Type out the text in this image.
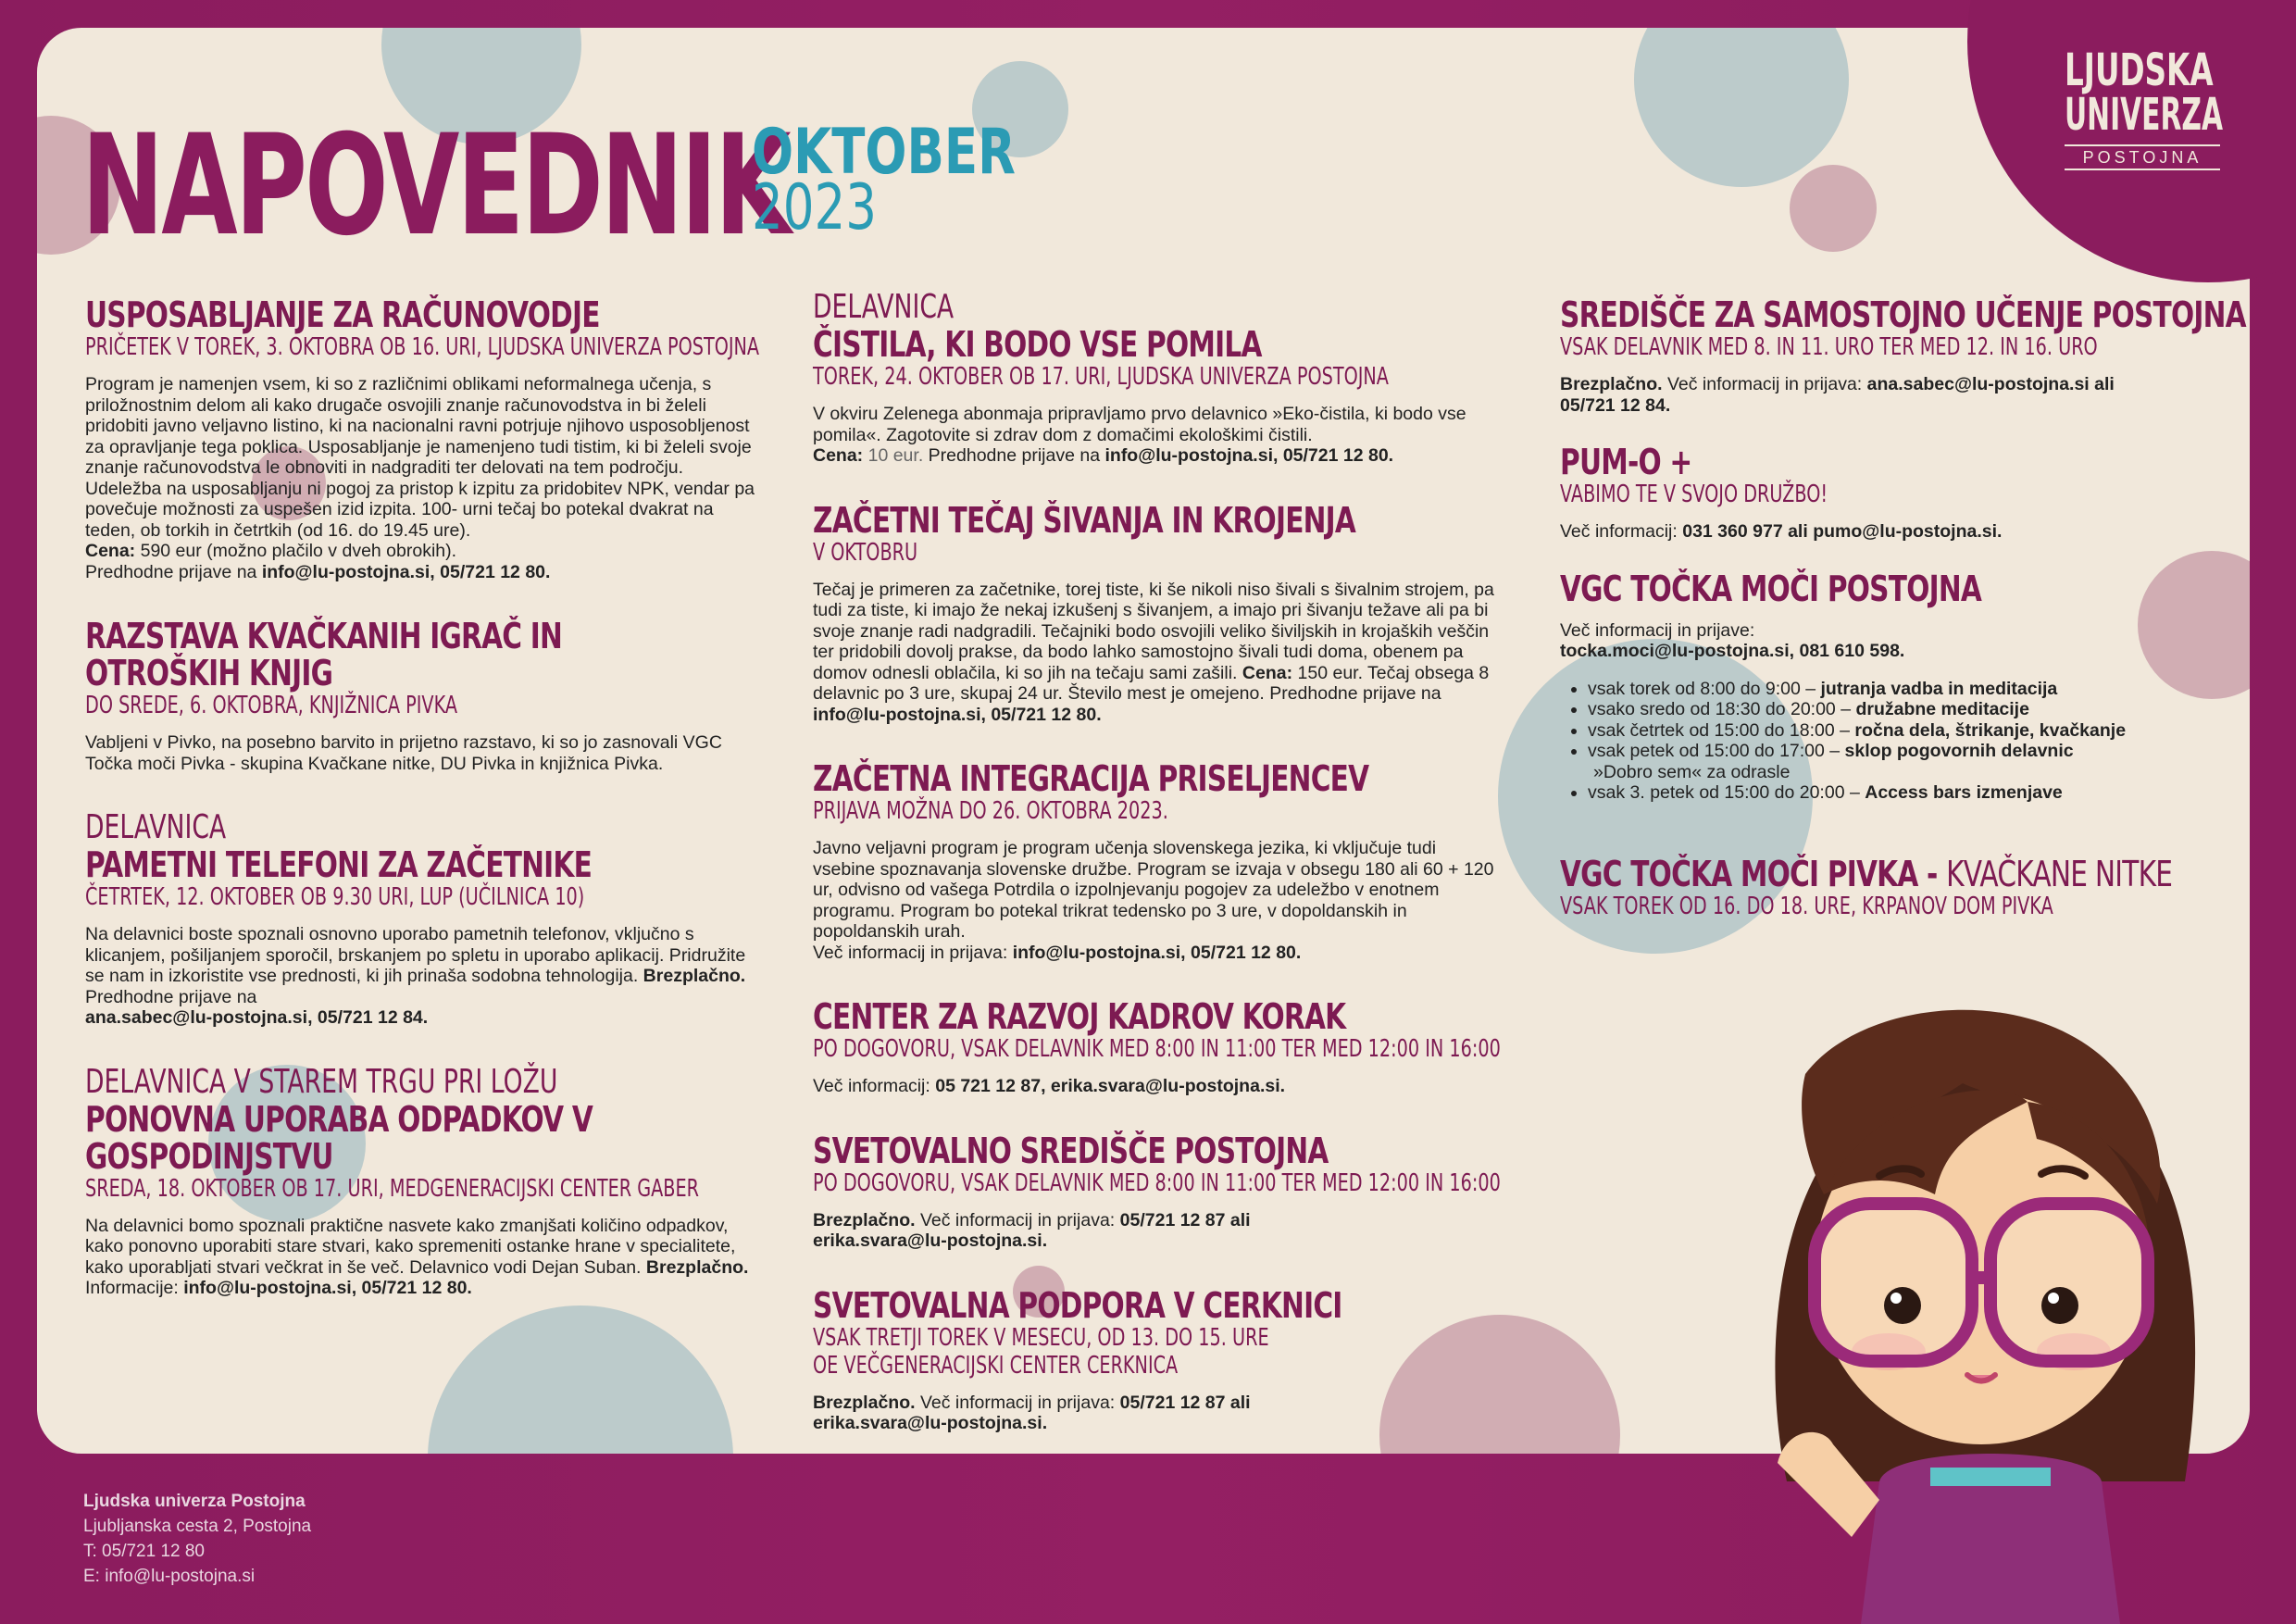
NAPOVEDNIK
OKTOBER
2023

USPOSABLJANJE ZA RAČUNOVODJE

PRIČETEK V TOREK, 3. OKTOBRA OB 16. URI, LJUDSKA UNIVERZA POSTOJNA

Program je namenjen vsem, ki so z različnimi oblikami neformalnega učenja, s priložnostnim delom ali kako drugače osvojili znanje računovodstva in bi želeli pridobiti javno veljavno listino, ki na nacionalni ravni potrjuje njihovo usposobljenost za opravljanje tega poklica. Usposabljanje je namenjeno tudi tistim, ki bi želeli svoje znanje računovodstva le obnoviti in nadgraditi ter delovati na tem področju. Udeležba na usposabljanju ni pogoj za pristop k izpitu za pridobitev NPK, vendar pa povečuje možnosti za uspešen izid izpita. 100- urni tečaj bo potekal dvakrat na teden, ob torkih in četrtkih (od 16. do 19.45 ure).
Cena: 590 eur (možno plačilo v dveh obrokih).
Predhodne prijave na info@lu-postojna.si, 05/721 12 80.

RAZSTAVA KVAČKANIH IGRAČ IN

OTROŠKIH KNJIG

DO SREDE, 6. OKTOBRA, KNJIŽNICA PIVKA

Vabljeni v Pivko, na posebno barvito in prijetno razstavo, ki so jo zasnovali VGC Točka moči Pivka - skupina Kvačkane nitke, DU Pivka in knjižnica Pivka.

DELAVNICA

PAMETNI TELEFONI ZA ZAČETNIKE

ČETRTEK, 12. OKTOBER OB 9.30 URI, LUP (UČILNICA 10)

Na delavnici boste spoznali osnovno uporabo pametnih telefonov, vključno s klicanjem, pošiljanjem sporočil, brskanjem po spletu in uporabo aplikacij. Pridružite se nam in izkoristite vse prednosti, ki jih prinaša sodobna tehnologija. Brezplačno. Predhodne prijave na
ana.sabec@lu-postojna.si, 05/721 12 84.

DELAVNICA V STAREM TRGU PRI LOŽU

PONOVNA UPORABA ODPADKOV V

GOSPODINJSTVU

SREDA, 18. OKTOBER OB 17. URI, MEDGENERACIJSKI CENTER GABER

Na delavnici bomo spoznali praktične nasvete kako zmanjšati količino odpadkov, kako ponovno uporabiti stare stvari, kako spremeniti ostanke hrane v specialitete, kako uporabljati stvari večkrat in še več. Delavnico vodi Dejan Suban. Brezplačno.
Informacije: info@lu-postojna.si, 05/721 12 80.

DELAVNICA

ČISTILA, KI BODO VSE POMILA

TOREK, 24. OKTOBER OB 17. URI, LJUDSKA UNIVERZA POSTOJNA

V okviru Zelenega abonmaja pripravljamo prvo delavnico »Eko-čistila, ki bodo vse pomila«. Zagotovite si zdrav dom z domačimi ekološkimi čistili.
Cena: 10 eur. Predhodne prijave na info@lu-postojna.si, 05/721 12 80.

ZAČETNI TEČAJ ŠIVANJA IN KROJENJA

V OKTOBRU

Tečaj je primeren za začetnike, torej tiste, ki še nikoli niso šivali s šivalnim strojem, pa tudi za tiste, ki imajo že nekaj izkušenj s šivanjem, a imajo pri šivanju težave ali pa bi svoje znanje radi nadgradili. Tečajniki bodo osvojili veliko šiviljskih in krojaških veščin ter pridobili dovolj prakse, da bodo lahko samostojno šivali tudi doma, obenem pa domov odnesli oblačila, ki so jih na tečaju sami zašili. Cena: 150 eur. Tečaj obsega 8 delavnic po 3 ure, skupaj 24 ur. Število mest je omejeno. Predhodne prijave na
info@lu-postojna.si, 05/721 12 80.

ZAČETNA INTEGRACIJA PRISELJENCEV

PRIJAVA MOŽNA DO 26. OKTOBRA 2023.

Javno veljavni program je program učenja slovenskega jezika, ki vključuje tudi vsebine spoznavanja slovenske družbe. Program se izvaja v obsegu 180 ali 60 + 120 ur, odvisno od vašega Potrdila o izpolnjevanju pogojev za udeležbo v enotnem programu. Program bo potekal trikrat tedensko po 3 ure, v dopoldanskih in popoldanskih urah.
Več informacij in prijava: info@lu-postojna.si, 05/721 12 80.

CENTER ZA RAZVOJ KADROV KORAK

PO DOGOVORU, VSAK DELAVNIK MED 8:00 IN 11:00 TER MED 12:00 IN 16:00

Več informacij: 05 721 12 87, erika.svara@lu-postojna.si.

SVETOVALNO SREDIŠČE POSTOJNA

PO DOGOVORU, VSAK DELAVNIK MED 8:00 IN 11:00 TER MED 12:00 IN 16:00

Brezplačno. Več informacij in prijava: 05/721 12 87 ali
erika.svara@lu-postojna.si.

SVETOVALNA PODPORA V CERKNICI

VSAK TRETJI TOREK V MESECU, OD 13. DO 15. URE

OE VEČGENERACIJSKI CENTER CERKNICA

Brezplačno. Več informacij in prijava: 05/721 12 87 ali
erika.svara@lu-postojna.si.

SREDIŠČE ZA SAMOSTOJNO UČENJE POSTOJNA

VSAK DELAVNIK MED 8. IN 11. URO TER MED 12. IN 16. URO

Brezplačno. Več informacij in prijava: ana.sabec@lu-postojna.si ali
05/721 12 84.

PUM-O +

VABIMO TE V SVOJO DRUŽBO!

Več informacij: 031 360 977 ali pumo@lu-postojna.si.

VGC TOČKA MOČI POSTOJNA

Več informacij in prijave:
tocka.moci@lu-postojna.si, 081 610 598.

• vsak torek od 8:00 do 9:00 – jutranja vadba in meditacija
• vsako sredo od 18:30 do 20:00 – družabne meditacije
• vsak četrtek od 15:00 do 18:00 – ročna dela, štrikanje, kvačkanje
• vsak petek od 15:00 do 17:00 – sklop pogovornih delavnic
»Dobro sem« za odrasle
• vsak 3. petek od 15:00 do 20:00 – Access bars izmenjave

VGC TOČKA MOČI PIVKA - KVAČKANE NITKE

VSAK TOREK OD 16. DO 18. URE, KRPANOV DOM PIVKA

LJUDSKA
UNIVERZA
POSTOJNA
Ljudska univerza Postojna
Ljubljanska cesta 2, Postojna
T: 05/721 12 80
E: info@lu-postojna.si
